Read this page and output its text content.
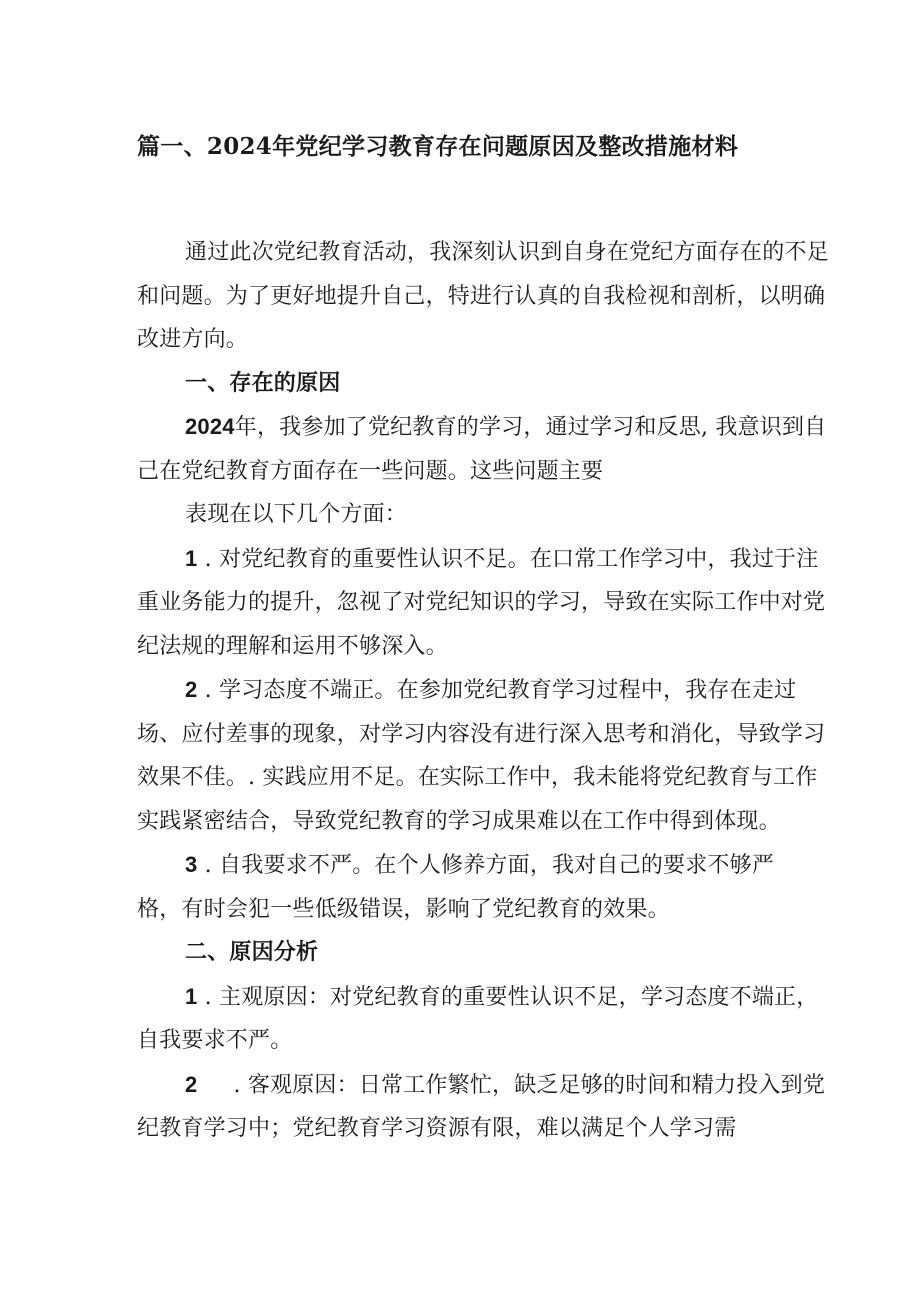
篇一、2024年党纪学习教育存在问题原因及整改措施材料

通过此次党纪教育活动，我深刻认识到自身在党纪方面存在的不足和问题。为了更好地提升自己，特进行认真的自我检视和剖析，以明确改进方向。

一、存在的原因

2024年，我参加了党纪教育的学习，通过学习和反思, 我意识到自己在党纪教育方面存在一些问题。这些问题主要

表现在以下几个方面：

1 . 对党纪教育的重要性认识不足。在口常工作学习中，我过于注重业务能力的提升，忽视了对党纪知识的学习，导致在实际工作中对党纪法规的理解和运用不够深入。

2 . 学习态度不端正。在参加党纪教育学习过程中，我存在走过场、应付差事的现象，对学习内容没有进行深入思考和消化，导致学习效果不佳。. 实践应用不足。在实际工作中，我未能将党纪教育与工作实践紧密结合，导致党纪教育的学习成果难以在工作中得到体现。

3 . 自我要求不严。在个人修养方面，我对自己的要求不够严格，有时会犯一些低级错误，影响了党纪教育的效果。

二、原因分析

1 . 主观原因：对党纪教育的重要性认识不足，学习态度不端正，自我要求不严。

2 . 客观原因：日常工作繁忙，缺乏足够的时间和精力投入到党纪教育学习中；党纪教育学习资源有限，难以满足个人学习需
